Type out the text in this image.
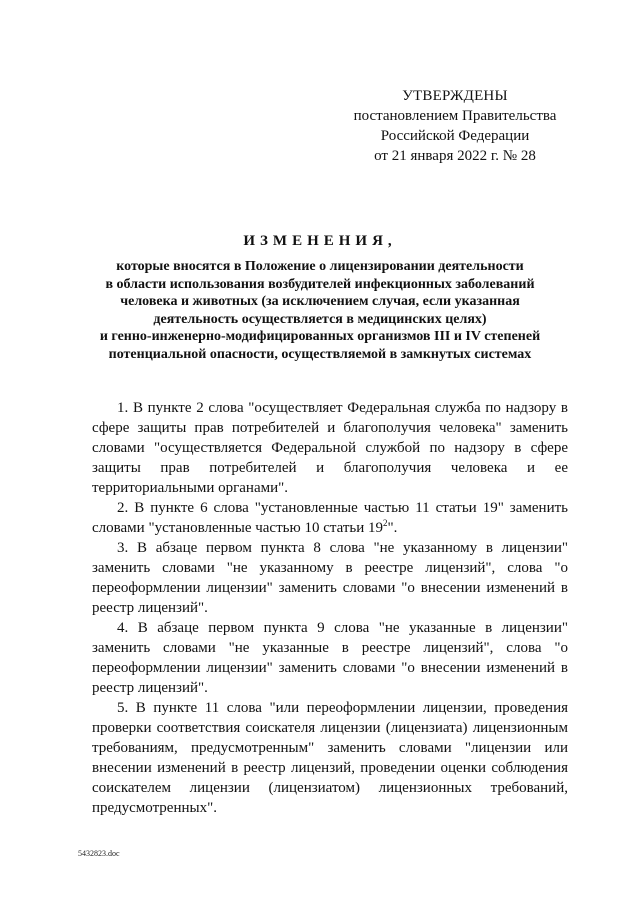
УТВЕРЖДЕНЫ
постановлением Правительства
Российской Федерации
от 21 января 2022 г. № 28
ИЗМЕНЕНИЯ,
которые вносятся в Положение о лицензировании деятельности
в области использования возбудителей инфекционных заболеваний
человека и животных (за исключением случая, если указанная
деятельность осуществляется в медицинских целях)
и генно-инженерно-модифицированных организмов III и IV степеней
потенциальной опасности, осуществляемой в замкнутых системах

1. В пункте 2 слова "осуществляет Федеральная служба по надзору в сфере защиты прав потребителей и благополучия человека" заменить словами "осуществляется Федеральной службой по надзору в сфере защиты прав потребителей и благополучия человека и ее территориальными органами".

2. В пункте 6 слова "установленные частью 11 статьи 19" заменить словами "установленные частью 10 статьи $19^2$".

3. В абзаце первом пункта 8 слова "не указанному в лицензии" заменить словами "не указанному в реестре лицензий", слова "о переоформлении лицензии" заменить словами "о внесении изменений в реестр лицензий".

4. В абзаце первом пункта 9 слова "не указанные в лицензии" заменить словами "не указанные в реестре лицензий", слова "о переоформлении лицензии" заменить словами "о внесении изменений в реестр лицензий".

5. В пункте 11 слова "или переоформлении лицензии, проведения проверки соответствия соискателя лицензии (лицензиата) лицензионным требованиям, предусмотренным" заменить словами "лицензии или внесении изменений в реестр лицензий, проведении оценки соблюдения соискателем лицензии (лицензиатом) лицензионных требований, предусмотренных".

5432823.doc
